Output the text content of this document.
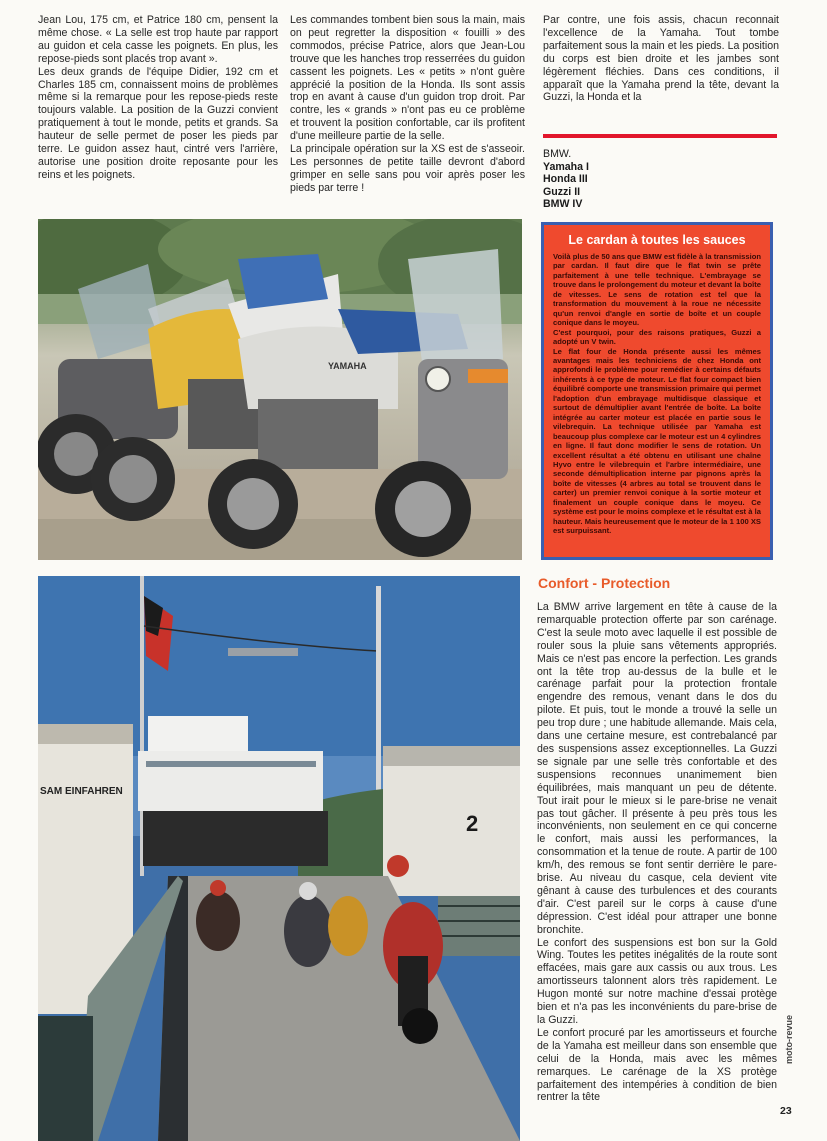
Jean Lou, 175 cm, et Patrice 180 cm, pensent la même chose. « La selle est trop haute par rapport au guidon et cela casse les poignets. En plus, les repose-pieds sont placés trop avant ».

Les deux grands de l'équipe Didier, 192 cm et Charles 185 cm, connaissent moins de problèmes même si la remarque pour les repose-pieds reste toujours valable. La position de la Guzzi convient pratiquement à tout le monde, petits et grands. Sa hauteur de selle permet de poser les pieds par terre. Le guidon assez haut, cintré vers l'arrière, autorise une position droite reposante pour les reins et les poignets.

Les commandes tombent bien sous la main, mais on peut regretter la disposition « fouilli » des commodos, précise Patrice, alors que Jean-Lou trouve que les hanches trop resserrées du guidon cassent les poignets. Les « petits » n'ont guère apprécié la position de la Honda. Ils sont assis trop en avant à cause d'un guidon trop droit. Par contre, les « grands » n'ont pas eu ce problème et trouvent la position confortable, car ils profitent d'une meilleure partie de la selle.

La principale opération sur la XS est de s'asseoir. Les personnes de petite taille devront d'abord grimper en selle sans pou voir après poser les pieds par terre !

Par contre, une fois assis, chacun reconnait l'excellence de la Yamaha. Tout tombe parfaitement sous la main et les pieds. La position du corps est bien droite et les jambes sont légèrement fléchies. Dans ces conditions, il apparaît que la Yamaha prend la tête, devant la Guzzi, la Honda et la

BMW.
Yamaha I
Honda III
Guzzi II
BMW IV
YAMAHA
Le cardan à toutes les sauces

Voilà plus de 50 ans que BMW est fidèle à la transmission par cardan. Il faut dire que le flat twin se prête parfaitement à une telle technique. L'embrayage se trouve dans le prolongement du moteur et devant la boîte de vitesses. Le sens de rotation est tel que la transformation du mouvement à la roue ne nécessite qu'un renvoi d'angle en sortie de boîte et un couple conique dans le moyeu.

C'est pourquoi, pour des raisons pratiques, Guzzi a adopté un V twin.

Le flat four de Honda présente aussi les mêmes avantages mais les techniciens de chez Honda ont approfondi le problème pour remédier à certains défauts inhérents à ce type de moteur. Le flat four compact bien équilibré comporte une transmission primaire qui permet l'adoption d'un embrayage multidisque classique et surtout de démultiplier avant l'entrée de boîte. La boîte intégrée au carter moteur est placée en partie sous le vilebrequin. La technique utilisée par Yamaha est beaucoup plus complexe car le moteur est un 4 cylindres en ligne. Il faut donc modifier le sens de rotation. Un excellent résultat a été obtenu en utilisant une chaîne Hyvo entre le vilebrequin et l'arbre intermédiaire, une seconde démultiplication interne par pignons après la boîte de vitesses (4 arbres au total se trouvent dans le carter) un premier renvoi conique à la sortie moteur et finalement un couple conique dans le moyeu. Ce système est pour le moins complexe et le résultat est à la hauteur. Mais heureusement que le moteur de la 1 100 XS est surpuissant.

SAM EINFAHREN
2
Confort - Protection

La BMW arrive largement en tête à cause de la remarquable protection offerte par son carénage. C'est la seule moto avec laquelle il est possible de rouler sous la pluie sans vêtements appropriés. Mais ce n'est pas encore la perfection. Les grands ont la tête trop au-dessus de la bulle et le carénage parfait pour la protection frontale engendre des remous, venant dans le dos du pilote. Et puis, tout le monde a trouvé la selle un peu trop dure ; une habitude allemande. Mais cela, dans une certaine mesure, est contrebalancé par des suspensions assez exceptionnelles. La Guzzi se signale par une selle très confortable et des suspensions reconnues unanimement bien équilibrées, mais manquant un peu de détente. Tout irait pour le mieux si le pare-brise ne venait pas tout gâcher. Il présente à peu près tous les inconvénients, non seulement en ce qui concerne le confort, mais aussi les performances, la consommation et la tenue de route. A partir de 100 km/h, des remous se font sentir derrière le pare-brise. Au niveau du casque, cela devient vite gênant à cause des turbulences et des courants d'air. C'est pareil sur le corps à cause d'une dépression. C'est idéal pour attraper une bonne bronchite.

Le confort des suspensions est bon sur la Gold Wing. Toutes les petites inégalités de la route sont effacées, mais gare aux cassis ou aux trous. Les amortisseurs talonnent alors très rapidement. Le Hugon monté sur notre machine d'essai protège bien et n'a pas les inconvénients du pare-brise de la Guzzi.

Le confort procuré par les amortisseurs et fourche de la Yamaha est meilleur dans son ensemble que celui de la Honda, mais avec les mêmes remarques. Le carénage de la XS protège parfaitement des intempéries à condition de bien rentrer la tête

moto-revue
23
